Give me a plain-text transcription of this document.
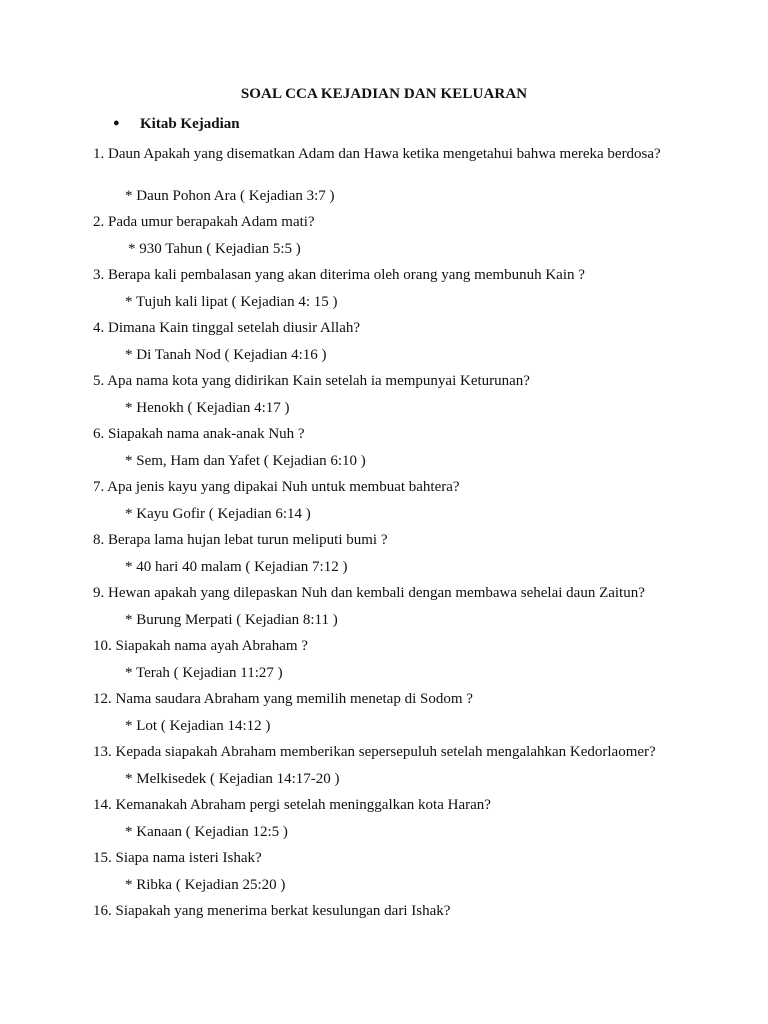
SOAL CCA KEJADIAN DAN KELUARAN
● Kitab Kejadian
1. Daun Apakah yang disematkan Adam dan Hawa ketika mengetahui bahwa mereka berdosa?
* Daun Pohon Ara ( Kejadian 3:7 )
2. Pada umur berapakah Adam mati?
* 930 Tahun ( Kejadian 5:5 )
3. Berapa kali pembalasan yang akan diterima oleh orang yang membunuh Kain ?
* Tujuh kali lipat ( Kejadian 4: 15 )
4. Dimana Kain tinggal setelah diusir Allah?
* Di Tanah Nod ( Kejadian 4:16 )
5. Apa nama kota yang didirikan Kain setelah ia mempunyai Keturunan?
* Henokh ( Kejadian 4:17 )
6. Siapakah nama anak-anak Nuh ?
* Sem, Ham dan Yafet ( Kejadian 6:10 )
7. Apa jenis kayu yang dipakai Nuh untuk membuat bahtera?
* Kayu Gofir ( Kejadian 6:14 )
8. Berapa lama hujan lebat turun meliputi bumi ?
* 40 hari 40 malam ( Kejadian 7:12 )
9. Hewan apakah yang dilepaskan Nuh dan kembali dengan membawa sehelai daun Zaitun?
* Burung Merpati ( Kejadian 8:11 )
10. Siapakah nama ayah Abraham ?
* Terah ( Kejadian 11:27 )
12. Nama saudara Abraham yang memilih menetap di Sodom ?
* Lot ( Kejadian 14:12 )
13. Kepada siapakah Abraham memberikan sepersepuluh setelah mengalahkan Kedorlaomer?
* Melkisedek ( Kejadian 14:17-20 )
14. Kemanakah Abraham pergi setelah meninggalkan kota Haran?
* Kanaan ( Kejadian 12:5 )
15. Siapa nama isteri Ishak?
* Ribka ( Kejadian 25:20 )
16. Siapakah yang menerima berkat kesulungan dari Ishak?
